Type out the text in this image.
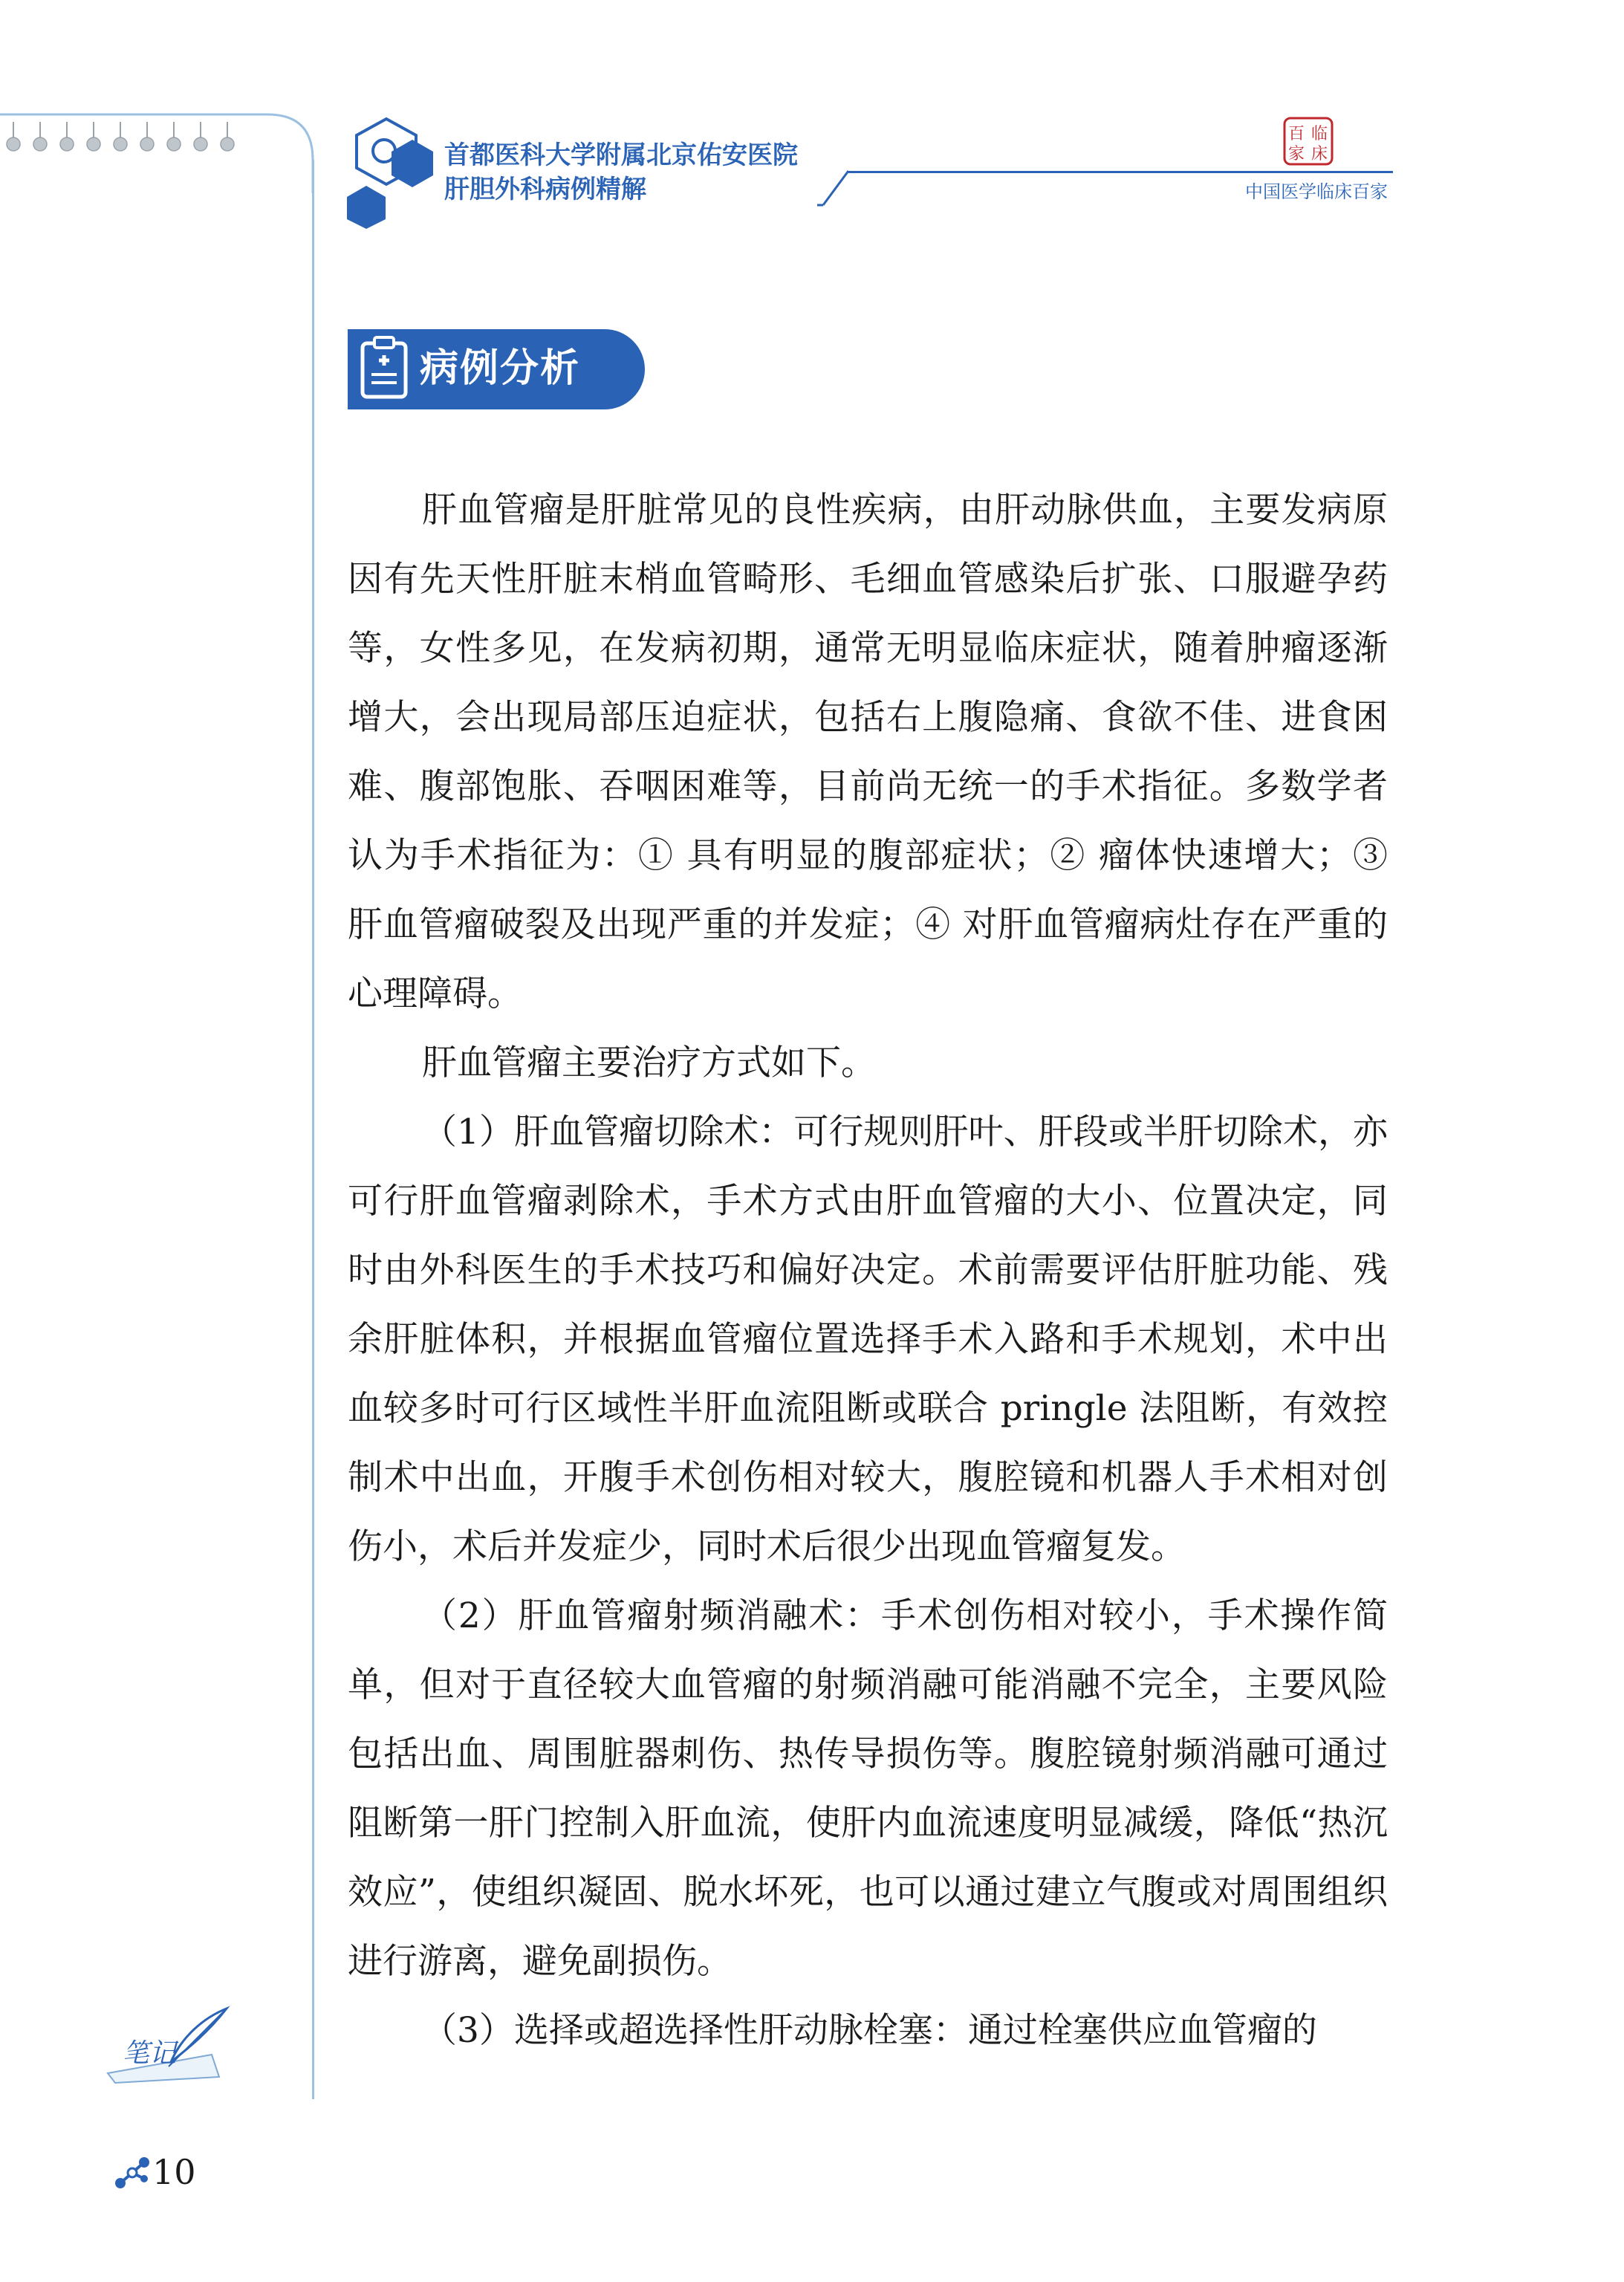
首都医科大学附属北京佑安医院
肝胆外科病例精解
百 临
家 床
中国医学临床百家
病例分析

肝血管瘤是肝脏常见的良性疾病，由肝动脉供血，主要发病原因有先天性肝脏末梢血管畸形、毛细血管感染后扩张、口服避孕药等，女性多见，在发病初期，通常无明显临床症状，随着肿瘤逐渐增大，会出现局部压迫症状，包括右上腹隐痛、食欲不佳、进食困难、腹部饱胀、吞咽困难等，目前尚无统一的手术指征。多数学者认为手术指征为：① 具有明显的腹部症状；② 瘤体快速增大；③ 肝血管瘤破裂及出现严重的并发症；④ 对肝血管瘤病灶存在严重的心理障碍。

肝血管瘤主要治疗方式如下。

（1）肝血管瘤切除术：可行规则肝叶、肝段或半肝切除术，亦可行肝血管瘤剥除术，手术方式由肝血管瘤的大小、位置决定，同时由外科医生的手术技巧和偏好决定。术前需要评估肝脏功能、残余肝脏体积，并根据血管瘤位置选择手术入路和手术规划，术中出血较多时可行区域性半肝血流阻断或联合 pringle 法阻断，有效控制术中出血，开腹手术创伤相对较大，腹腔镜和机器人手术相对创伤小，术后并发症少，同时术后很少出现血管瘤复发。

（2）肝血管瘤射频消融术：手术创伤相对较小，手术操作简单，但对于直径较大血管瘤的射频消融可能消融不完全，主要风险包括出血、周围脏器刺伤、热传导损伤等。腹腔镜射频消融可通过阻断第一肝门控制入肝血流，使肝内血流速度明显减缓，降低“热沉效应”，使组织凝固、脱水坏死，也可以通过建立气腹或对周围组织进行游离，避免副损伤。

（3）选择或超选择性肝动脉栓塞：通过栓塞供应血管瘤的

笔记
10
